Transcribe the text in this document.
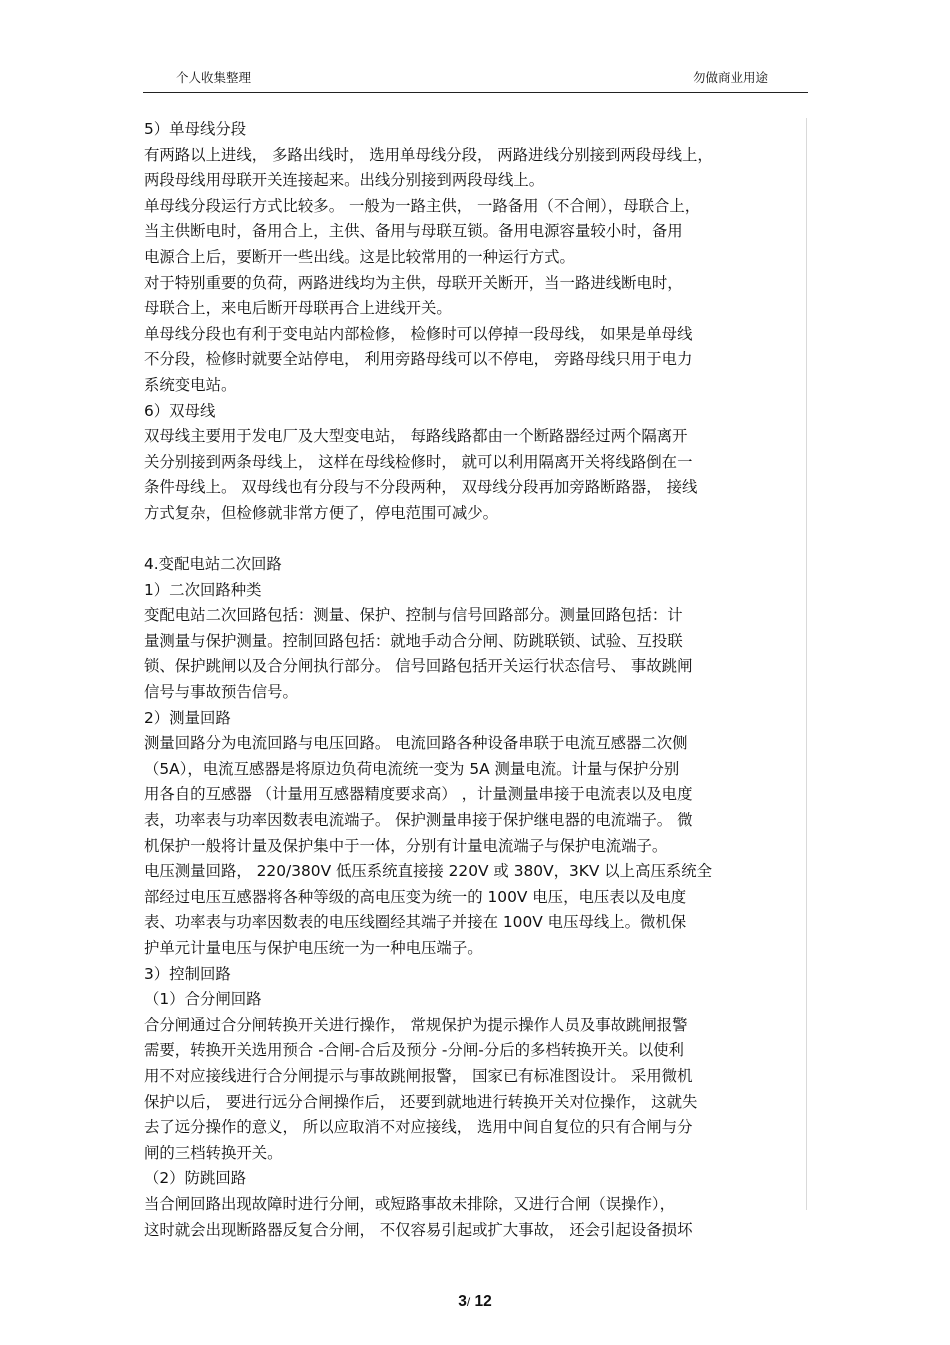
个人收集整理	勿做商业用途
5）单母线分段
有两路以上进线， 多路出线时， 选用单母线分段， 两路进线分别接到两段母线上，
两段母线用母联开关连接起来。出线分别接到两段母线上。
单母线分段运行方式比较多。 一般为一路主供， 一路备用（不合闸），母联合上，
当主供断电时，备用合上，主供、备用与母联互锁。备用电源容量较小时，备用
电源合上后，要断开一些出线。这是比较常用的一种运行方式。
对于特别重要的负荷，两路进线均为主供，母联开关断开，当一路进线断电时，
母联合上，来电后断开母联再合上进线开关。
单母线分段也有利于变电站内部检修， 检修时可以停掉一段母线， 如果是单母线
不分段，检修时就要全站停电， 利用旁路母线可以不停电， 旁路母线只用于电力
系统变电站。
6）双母线
双母线主要用于发电厂及大型变电站， 每路线路都由一个断路器经过两个隔离开
关分别接到两条母线上， 这样在母线检修时， 就可以利用隔离开关将线路倒在一
条件母线上。 双母线也有分段与不分段两种， 双母线分段再加旁路断路器， 接线
方式复杂，但检修就非常方便了，停电范围可减少。
4.变配电站二次回路
1）二次回路种类
变配电站二次回路包括：测量、保护、控制与信号回路部分。测量回路包括：计
量测量与保护测量。控制回路包括：就地手动合分闸、防跳联锁、试验、互投联
锁、保护跳闸以及合分闸执行部分。 信号回路包括开关运行状态信号、 事故跳闸
信号与事故预告信号。
2）测量回路
测量回路分为电流回路与电压回路。 电流回路各种设备串联于电流互感器二次侧
（5A），电流互感器是将原边负荷电流统一变为 5A 测量电流。计量与保护分别
用各自的互感器 （计量用互感器精度要求高） ，计量测量串接于电流表以及电度
表，功率表与功率因数表电流端子。 保护测量串接于保护继电器的电流端子。 微
机保护一般将计量及保护集中于一体，分别有计量电流端子与保护电流端子。
电压测量回路， 220/380V 低压系统直接接 220V 或 380V，3KV 以上高压系统全
部经过电压互感器将各种等级的高电压变为统一的 100V 电压，电压表以及电度
表、功率表与功率因数表的电压线圈经其端子并接在 100V 电压母线上。微机保
护单元计量电压与保护电压统一为一种电压端子。
3）控制回路
（1）合分闸回路
合分闸通过合分闸转换开关进行操作， 常规保护为提示操作人员及事故跳闸报警
需要，转换开关选用预合 -合闸-合后及预分 -分闸-分后的多档转换开关。以使利
用不对应接线进行合分闸提示与事故跳闸报警， 国家已有标准图设计。 采用微机
保护以后， 要进行远分合闸操作后， 还要到就地进行转换开关对位操作， 这就失
去了远分操作的意义， 所以应取消不对应接线， 选用中间自复位的只有合闸与分
闸的三档转换开关。
（2）防跳回路
当合闸回路出现故障时进行分闸，或短路事故未排除，又进行合闸（误操作），
这时就会出现断路器反复合分闸， 不仅容易引起或扩大事故， 还会引起设备损坏
3/ 12
